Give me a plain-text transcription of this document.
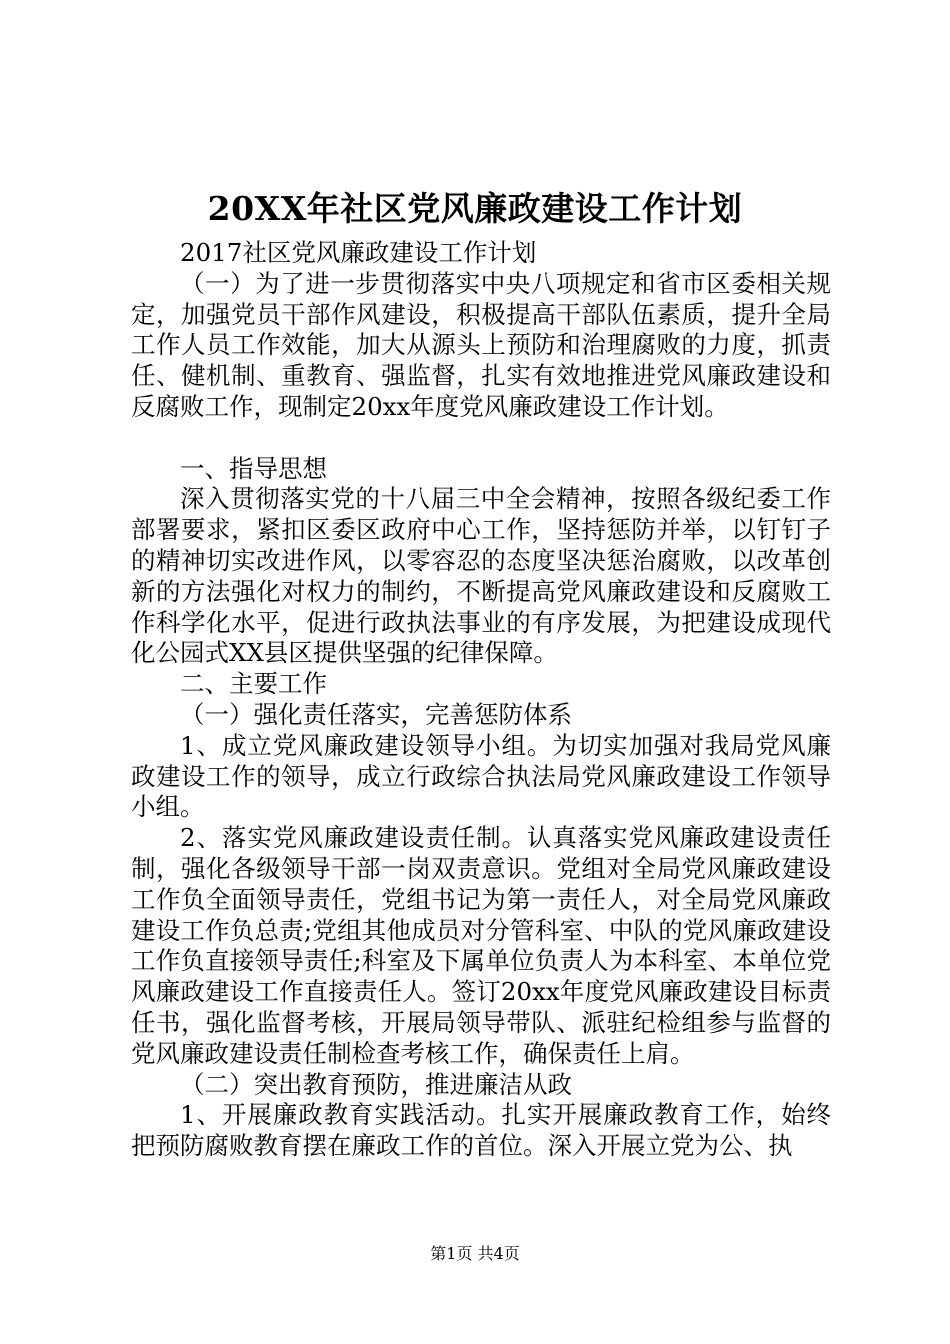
20XX年社区党风廉政建设工作计划

2017社区党风廉政建设工作计划

（一）为了进一步贯彻落实中央八项规定和省市区委相关规定，加强党员干部作风建设，积极提高干部队伍素质，提升全局工作人员工作效能，加大从源头上预防和治理腐败的力度，抓责任、健机制、重教育、强监督，扎实有效地推进党风廉政建设和反腐败工作，现制定20xx年度党风廉政建设工作计划。

一、指导思想

深入贯彻落实党的十八届三中全会精神，按照各级纪委工作部署要求，紧扣区委区政府中心工作，坚持惩防并举，以钉钉子的精神切实改进作风，以零容忍的态度坚决惩治腐败，以改革创新的方法强化对权力的制约，不断提高党风廉政建设和反腐败工作科学化水平，促进行政执法事业的有序发展，为把建设成现代化公园式XX县区提供坚强的纪律保障。

二、主要工作

（一）强化责任落实，完善惩防体系

1、成立党风廉政建设领导小组。为切实加强对我局党风廉政建设工作的领导，成立行政综合执法局党风廉政建设工作领导小组。

2、落实党风廉政建设责任制。认真落实党风廉政建设责任制，强化各级领导干部一岗双责意识。党组对全局党风廉政建设工作负全面领导责任，党组书记为第一责任人，对全局党风廉政建设工作负总责;党组其他成员对分管科室、中队的党风廉政建设工作负直接领导责任;科室及下属单位负责人为本科室、本单位党风廉政建设工作直接责任人。签订20xx年度党风廉政建设目标责任书，强化监督考核，开展局领导带队、派驻纪检组参与监督的党风廉政建设责任制检查考核工作，确保责任上肩。

（二）突出教育预防，推进廉洁从政

1、开展廉政教育实践活动。扎实开展廉政教育工作，始终把预防腐败教育摆在廉政工作的首位。深入开展立党为公、执

第1页 共4页
